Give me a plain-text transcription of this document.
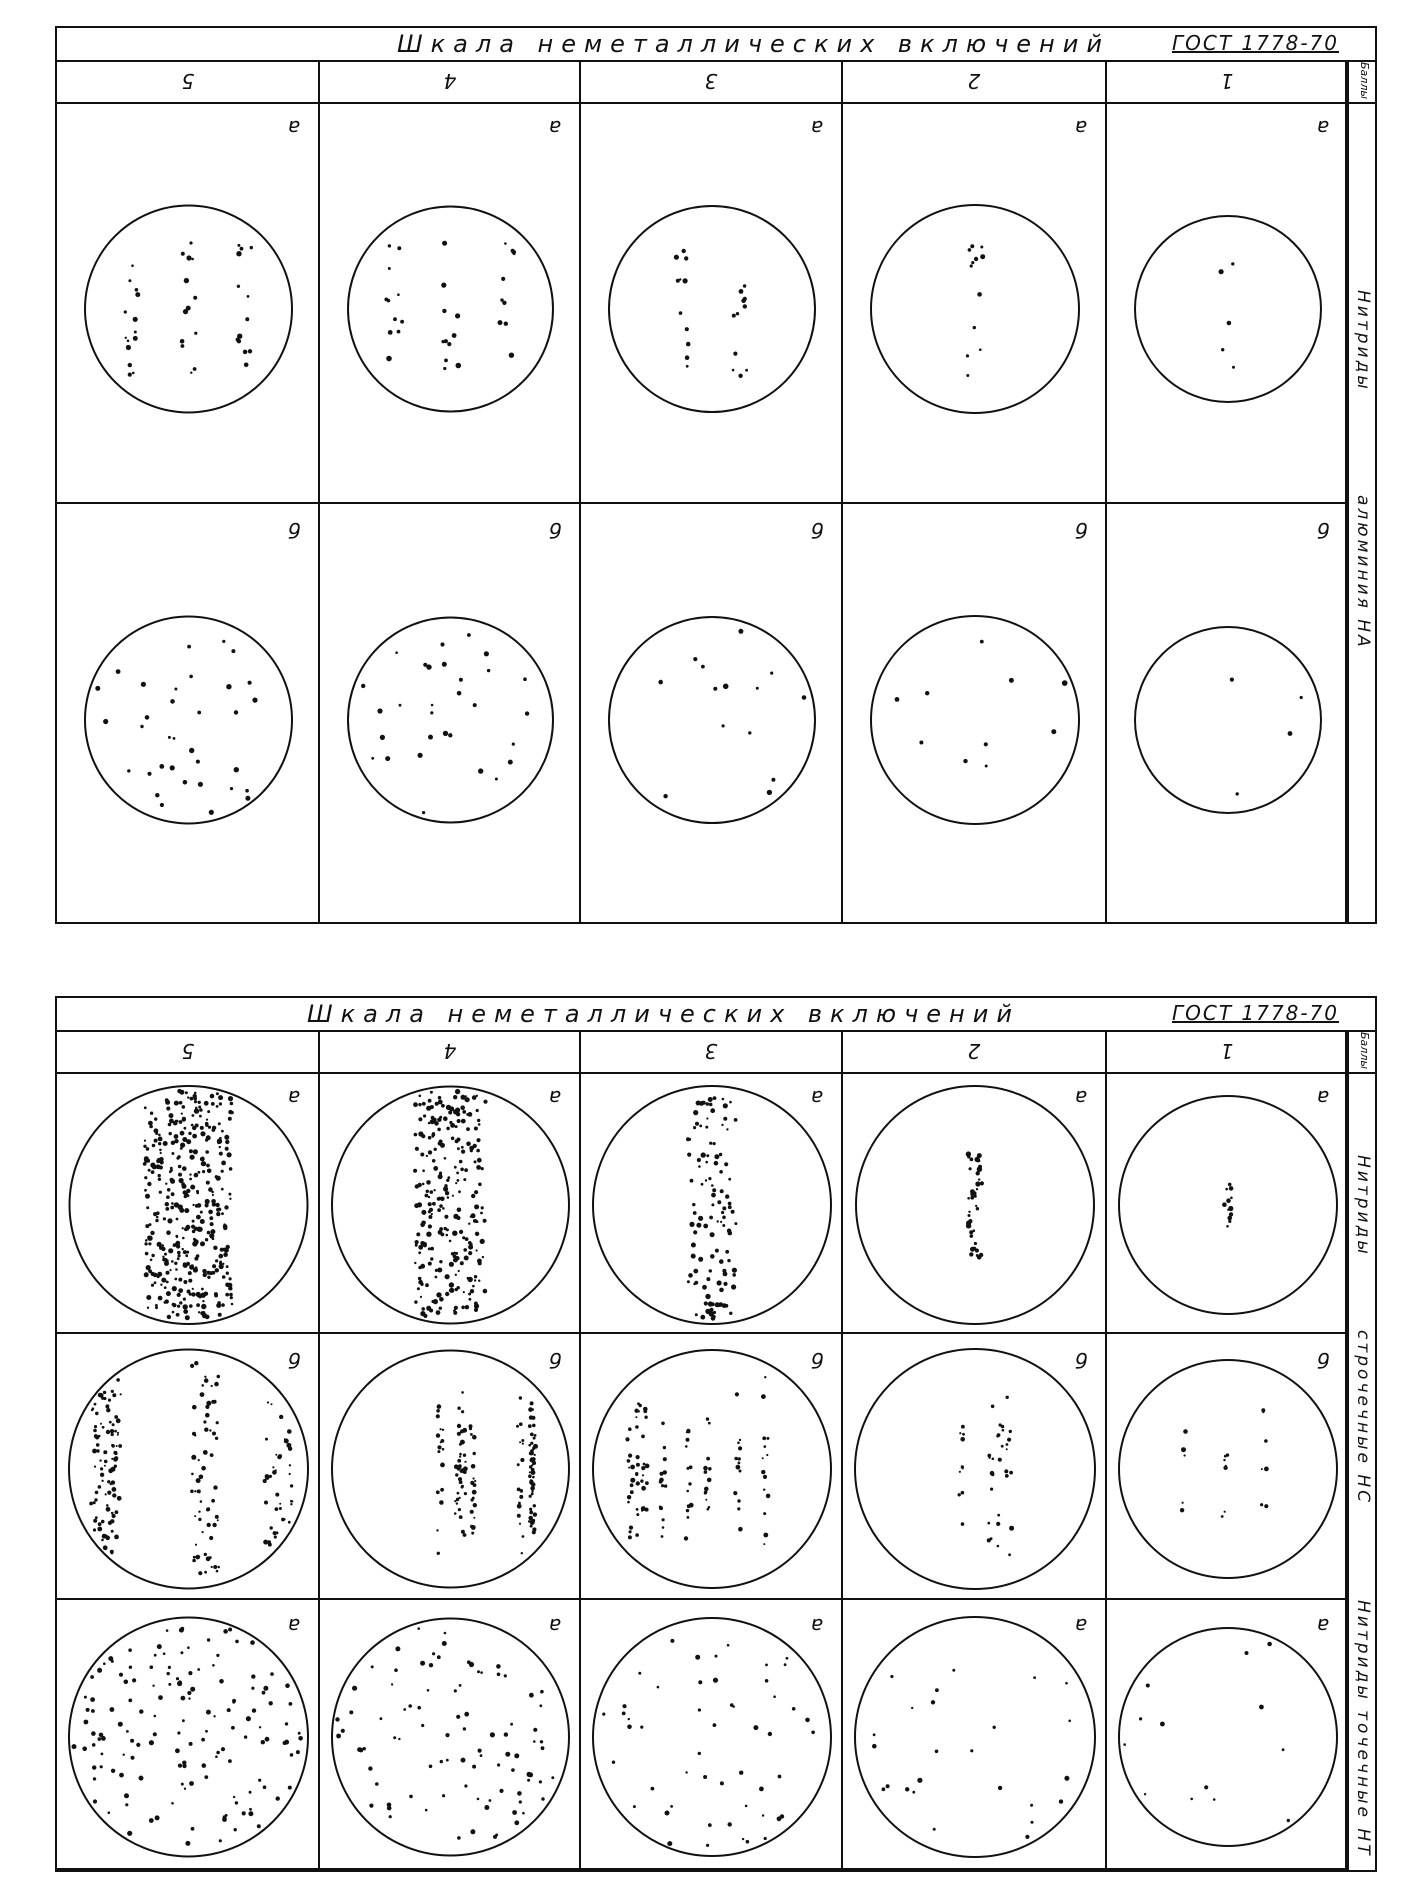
Шкала неметаллических включений	ГОСТ 1778-70
5	4	3	2	1	Баллы
Нитриды
алюминия НА
а	а	а	а	а
б	б	б	б	б
Шкала неметаллических включений	ГОСТ 1778-70
5	4	3	2	1	Баллы
Нитриды
строчечные НС
Нитриды точечные НТ
а	а	а	а	а
б	б	б	б	б
а	а	а	а	а
